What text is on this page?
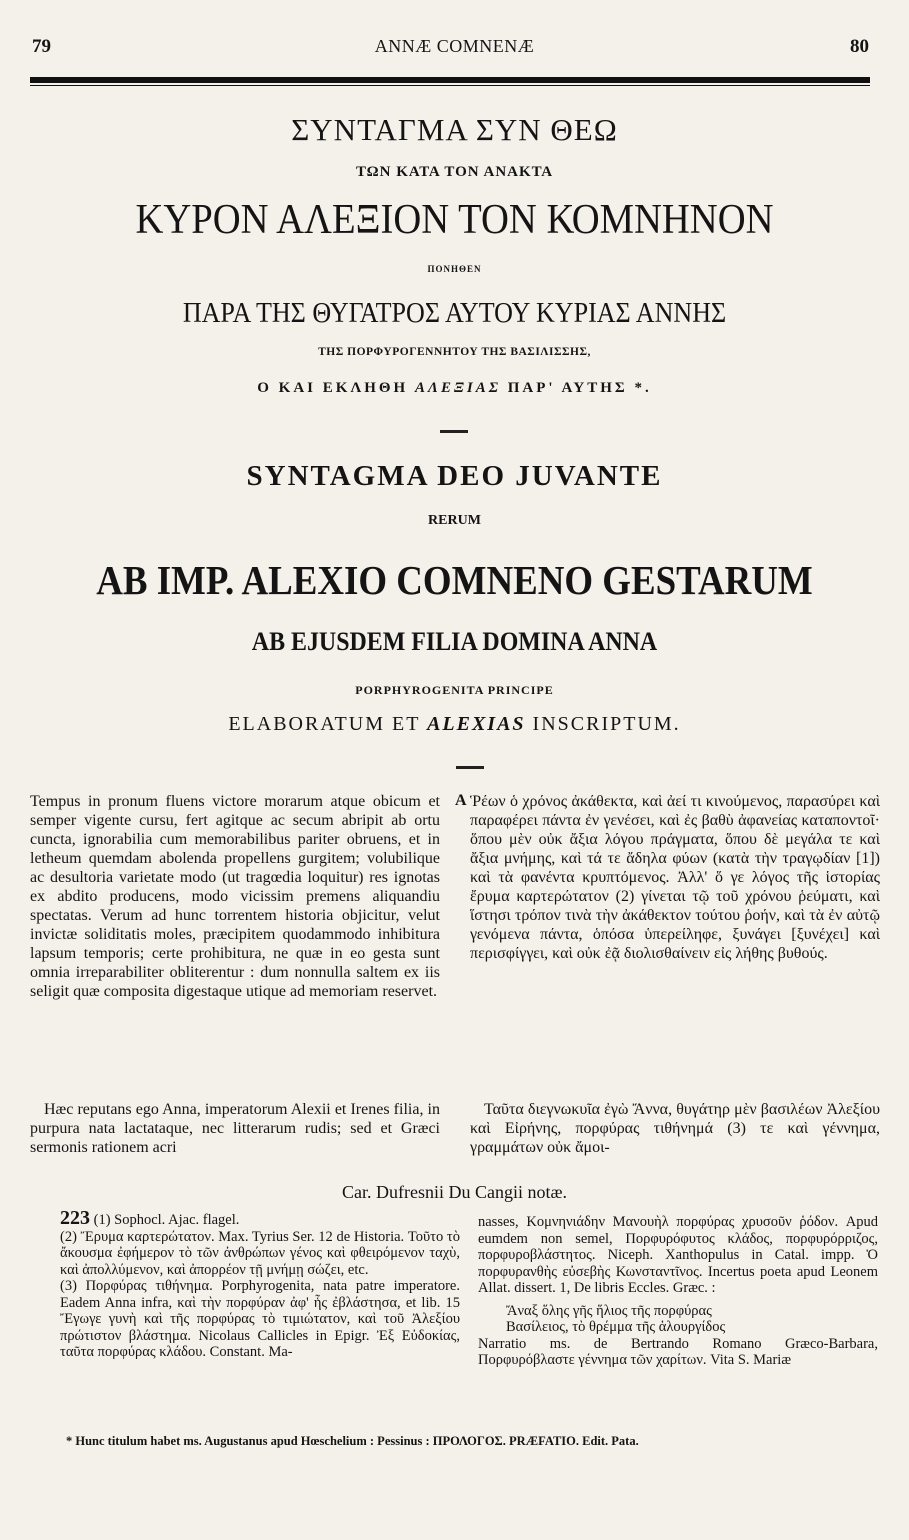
79	ANNÆ COMNENÆ	80
ΣΥΝΤΑΓΜΑ ΣΥΝ ΘΕΩ
ΤΩΝ ΚΑΤΑ ΤΟΝ ΑΝΑΚΤΑ
ΚΥΡΟΝ ΑΛΕΞΙΟΝ ΤΟΝ ΚΟΜΝΗΝΟΝ
ΠΟΝΗΘΕΝ
ΠΑΡΑ ΤΗΣ ΘΥΓΑΤΡΟΣ ΑΥΤΟΥ ΚΥΡΙΑΣ ΑΝΝΗΣ
ΤΗΣ ΠΟΡΦΥΡΟΓΕΝΝΗΤΟΥ ΤΗΣ ΒΑΣΙΛΙΣΣΗΣ,
Ο ΚΑΙ ΕΚΛΗΘΗ ΑΛΕΞΙΑΣ ΠΑΡ' ΑΥΤΗΣ *.
SYNTAGMA DEO JUVANTE
RERUM
AB IMP. ALEXIO COMNENO GESTARUM
AB EJUSDEM FILIA DOMINA ANNA
PORPHYROGENITA PRINCIPE
ELABORATUM ET ALEXIAS INSCRIPTUM.

Tempus in pronum fluens victore morarum atque obicum et semper vigente cursu, fert agitque ac secum abripit ab ortu cuncta, ignorabilia cum memorabilibus pariter obruens, et in letheum quemdam abolenda propellens gurgitem; volubilique ac desultoria varietate modo (ut tragœdia loquitur) res ignotas ex abdito producens, modo vicissim premens aliquandiu spectatas. Verum ad hunc torrentem historia objicitur, velut invictæ soliditatis moles, præcipitem quodammodo inhibitura lapsum temporis; certe prohibitura, ne quæ in eo gesta sunt omnia irreparabiliter obliterentur : dum nonnulla saltem ex iis seligit quæ composita digestaque utique ad memoriam reservet.

A Ῥέων ὁ χρόνος ἀκάθεκτα, καὶ ἀεί τι κινούμενος, παρασύρει καὶ παραφέρει πάντα ἐν γενέσει, καὶ ἐς βαθὺ ἀφανείας καταποντοῖ· ὅπου μὲν οὐκ ἄξια λόγου πράγματα, ὅπου δὲ μεγάλα τε καὶ ἄξια μνήμης, καὶ τά τε ἄδηλα φύων (κατὰ τὴν τραγῳδίαν [1]) καὶ τὰ φανέντα κρυπτόμενος. Ἀλλ' ὅ γε λόγος τῆς ἱστορίας ἔρυμα καρτερώτατον (2) γίνεται τῷ τοῦ χρόνου ῥεύματι, καὶ ἵστησι τρόπον τινὰ τὴν ἀκάθεκτον τούτου ῥοήν, καὶ τὰ ἐν αὐτῷ γενόμενα πάντα, ὁπόσα ὑπερείληφε, ξυνάγει [ξυνέχει] καὶ περισφίγγει, καὶ οὐκ ἐᾷ διολισθαίνειν εἰς λήθης βυθούς.

Hæc reputans ego Anna, imperatorum Alexii et Irenes filia, in purpura nata lactataque, nec litterarum rudis; sed et Græci sermonis rationem acri

Ταῦτα διεγνωκυῖα ἐγὼ Ἄννα, θυγάτηρ μὲν βασιλέων Ἀλεξίου καὶ Εἰρήνης, πορφύρας τιθήνημά (3) τε καὶ γέννημα, γραμμάτων οὐκ ἄμοι-

Car. Dufresnii Du Cangii notæ.

223 (1) Sophocl. Ajac. flagel.

(2) Ἔρυμα καρτερώτατον. Max. Tyrius Ser. 12 de Historia. Τοῦτο τὸ ἄκουσμα ἐφήμερον τὸ τῶν ἀνθρώπων γένος καὶ φθειρόμενον ταχὺ, καὶ ἀπολλύμενον, καὶ ἀπορρέον τῇ μνήμῃ σώζει, etc.

(3) Πορφύρας τιθήνημα. Porphyrogenita, nata patre imperatore. Eadem Anna infra, καὶ τὴν πορφύραν ἀφ' ἧς ἐβλάστησα, et lib. 15 Ἔγωγε γυνὴ καὶ τῆς πορφύρας τὸ τιμιώτατον, καὶ τοῦ Ἀλεξίου πρώτιστον βλάστημα. Nicolaus Callicles in Epigr. Ἐξ Εὐδοκίας, ταῦτα πορφύρας κλάδου. Constant. Ma-

nasses, Κομνηνιάδην Μανουὴλ πορφύρας χρυσοῦν ῥόδον. Apud eumdem non semel, Πορφυρόφυτος κλάδος, πορφυρόρριζος, πορφυροβλάστητος. Niceph. Xanthopulus in Catal. impp. Ὁ πορφυρανθὴς εὐσεβὴς Κωνσταντῖνος. Incertus poeta apud Leonem Allat. dissert. 1, De libris Eccles. Græc. :

Ἄναξ ὅλης γῆς ἥλιος τῆς πορφύρας

Βασίλειος, τὸ θρέμμα τῆς ἁλουργίδος

Narratio ms. de Bertrando Romano Græco-Barbara, Πορφυρόβλαστε γέννημα τῶν χαρίτων. Vita S. Mariæ

* Hunc titulum habet ms. Augustanus apud Hœschelium : Pessinus : ΠΡΟΛΟΓΟΣ. PRÆFATIO. Edit. Pata.
